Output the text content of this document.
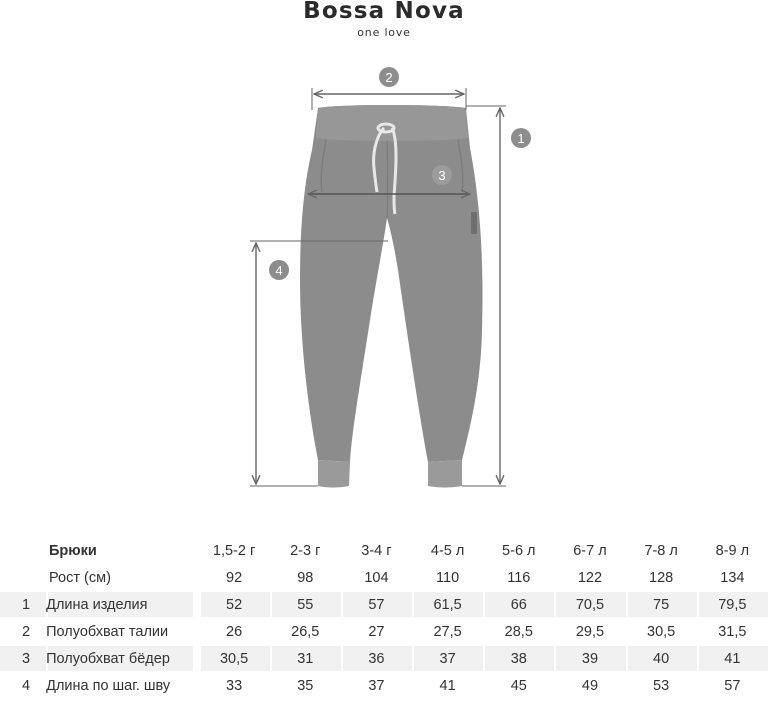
Bossa Nova
one love
1
2
3
4
Брюки	1,5-2 г	2-3 г	3-4 г	4-5 л	5-6 л	6-7 л	7-8 л	8-9 л
Рост (см)	92	98	104	110	116	122	128	134
1	Длина изделия	52	55	57	61,5	66	70,5	75	79,5
2	Полуобхват талии	26	26,5	27	27,5	28,5	29,5	30,5	31,5
3	Полуобхват бёдер	30,5	31	36	37	38	39	40	41
4	Длина по шаг. шву	33	35	37	41	45	49	53	57
